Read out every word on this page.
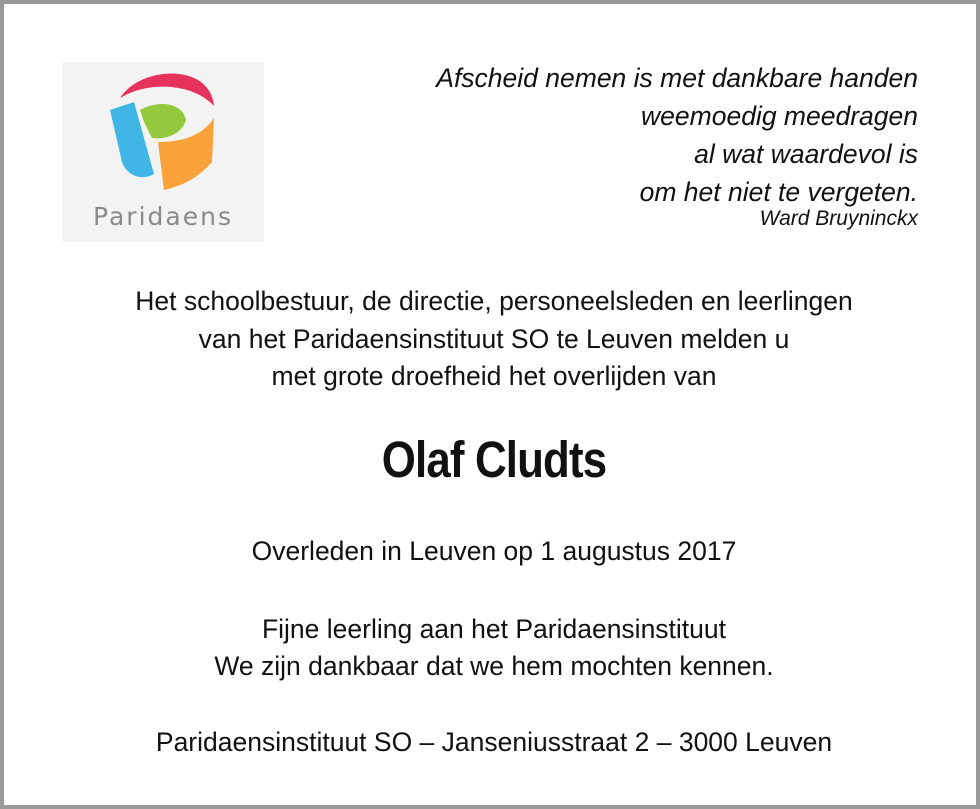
Paridaens
Afscheid nemen is met dankbare handen
weemoedig meedragen
al wat waardevol is
om het niet te vergeten.
Ward Bruyninckx
Het schoolbestuur, de directie, personeelsleden en leerlingen
van het Paridaensinstituut SO te Leuven melden u
met grote droefheid het overlijden van
Olaf Cludts
Overleden in Leuven op 1 augustus 2017
Fijne leerling aan het Paridaensinstituut
We zijn dankbaar dat we hem mochten kennen.
Paridaensinstituut SO – Janseniusstraat 2 – 3000 Leuven
